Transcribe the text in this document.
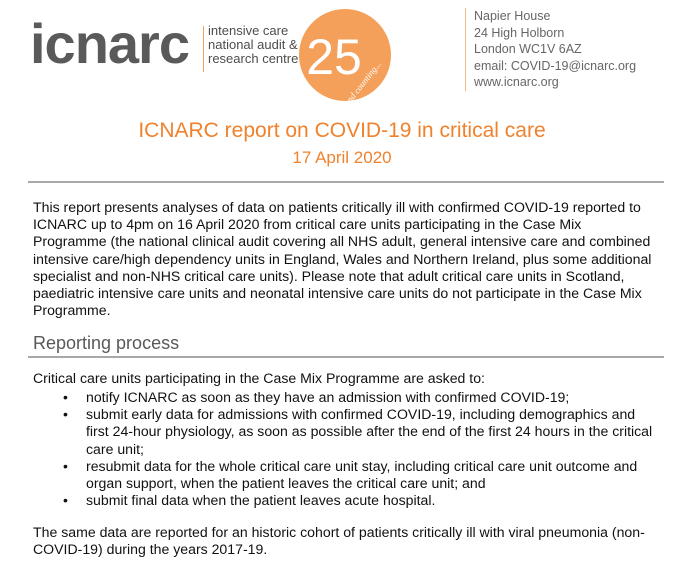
icnarc intensive care
national audit &
research centre 25
Napier House
24 High Holborn
London WC1V 6AZ
email: COVID-19@icnarc.org
www.icnarc.org
ICNARC report on COVID-19 in critical care
17 April 2020
This report presents analyses of data on patients critically ill with confirmed COVID-19 reported to ICNARC up to 4pm on 16 April 2020 from critical care units participating in the Case Mix Programme (the national clinical audit covering all NHS adult, general intensive care and combined intensive care/high dependency units in England, Wales and Northern Ireland, plus some additional specialist and non-NHS critical care units). Please note that adult critical care units in Scotland, paediatric intensive care units and neonatal intensive care units do not participate in the Case Mix Programme.
Reporting process
Critical care units participating in the Case Mix Programme are asked to:
• notify ICNARC as soon as they have an admission with confirmed COVID-19;
• submit early data for admissions with confirmed COVID-19, including demographics and first 24-hour physiology, as soon as possible after the end of the first 24 hours in the critical care unit;
• resubmit data for the whole critical care unit stay, including critical care unit outcome and organ support, when the patient leaves the critical care unit; and
• submit final data when the patient leaves acute hospital.
The same data are reported for an historic cohort of patients critically ill with viral pneumonia (non-COVID-19) during the years 2017-19.
